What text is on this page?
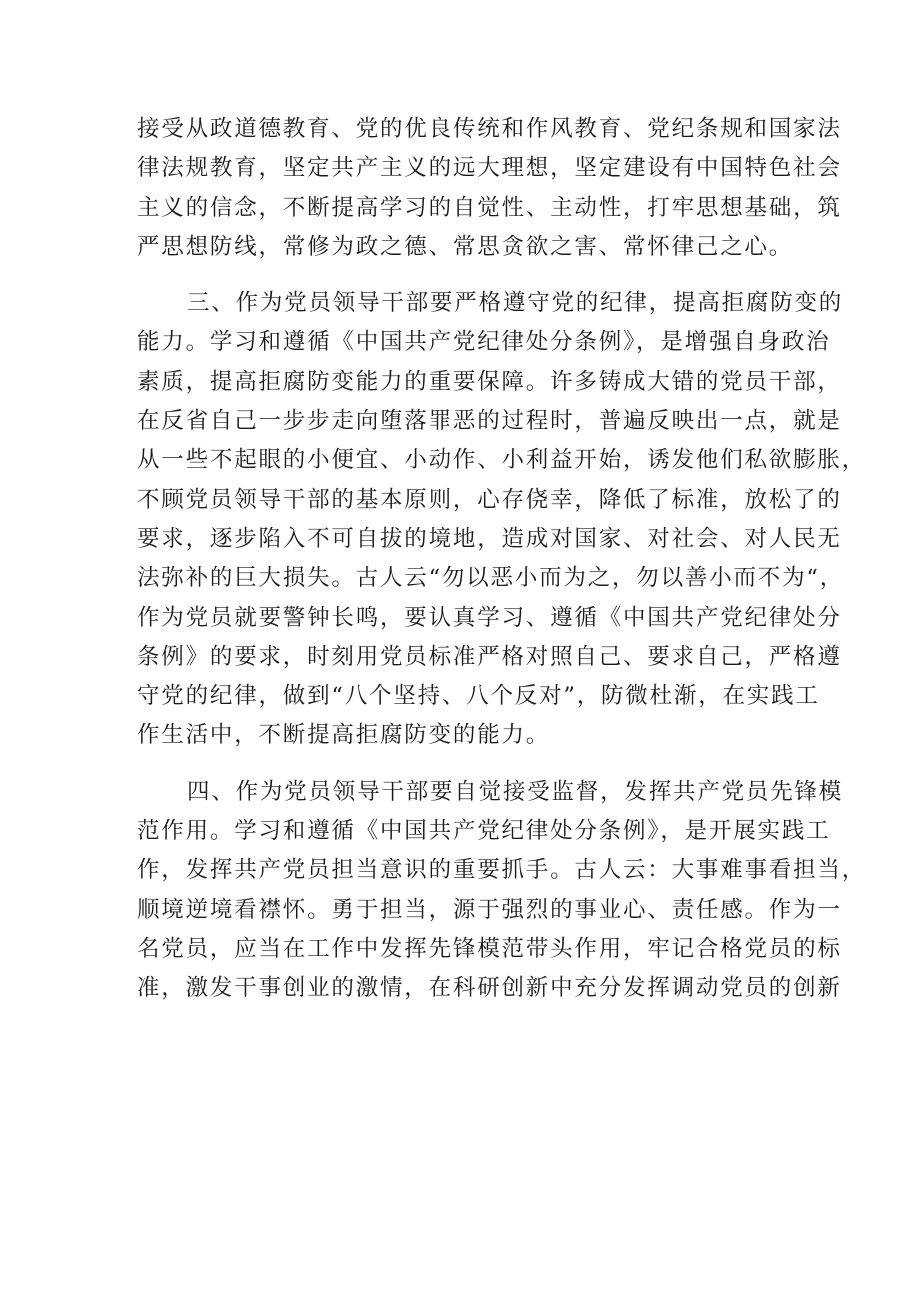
接受从政道德教育、党的优良传统和作风教育、党纪条规和国家法
律法规教育，坚定共产主义的远大理想，坚定建设有中国特色社会
主义的信念，不断提高学习的自觉性、主动性，打牢思想基础，筑
严思想防线，常修为政之德、常思贪欲之害、常怀律己之心。
三、作为党员领导干部要严格遵守党的纪律，提高拒腐防变的
能力。学习和遵循《中国共产党纪律处分条例》，是增强自身政治
素质，提高拒腐防变能力的重要保障。许多铸成大错的党员干部，
在反省自己一步步走向堕落罪恶的过程时，普遍反映出一点，就是
从一些不起眼的小便宜、小动作、小利益开始，诱发他们私欲膨胀，
不顾党员领导干部的基本原则，心存侥幸，降低了标准，放松了的
要求，逐步陷入不可自拔的境地，造成对国家、对社会、对人民无
法弥补的巨大损失。古人云“勿以恶小而为之，勿以善小而不为“，
作为党员就要警钟长鸣，要认真学习、遵循《中国共产党纪律处分
条例》的要求，时刻用党员标准严格对照自己、要求自己，严格遵
守党的纪律，做到“八个坚持、八个反对”，防微杜渐，在实践工
作生活中，不断提高拒腐防变的能力。
四、作为党员领导干部要自觉接受监督，发挥共产党员先锋模
范作用。学习和遵循《中国共产党纪律处分条例》，是开展实践工
作，发挥共产党员担当意识的重要抓手。古人云：大事难事看担当，
顺境逆境看襟怀。勇于担当，源于强烈的事业心、责任感。作为一
名党员，应当在工作中发挥先锋模范带头作用，牢记合格党员的标
准，激发干事创业的激情，在科研创新中充分发挥调动党员的创新
